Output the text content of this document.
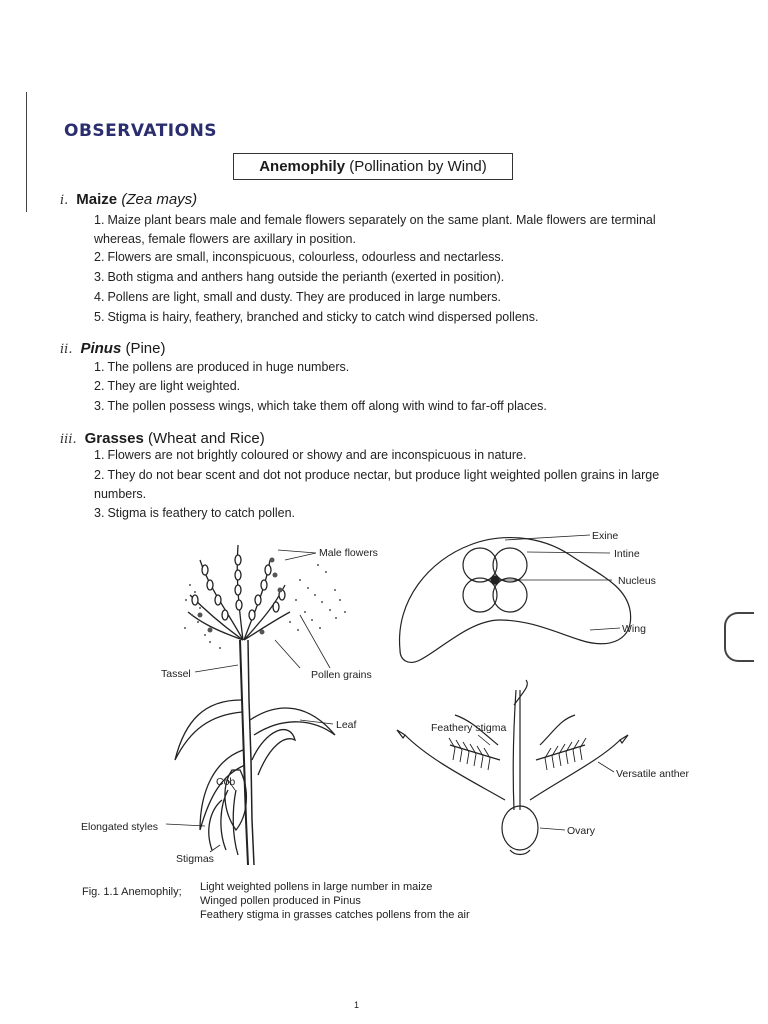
OBSERVATIONS
Anemophily (Pollination by Wind)
i. Maize (Zea mays)
1. Maize plant bears male and female flowers separately on the same plant. Male flowers are terminal whereas, female flowers are axillary in position.
2. Flowers are small, inconspicuous, colourless, odourless and nectarless.
3. Both stigma and anthers hang outside the perianth (exerted in position).
4. Pollens are light, small and dusty. They are produced in large numbers.
5. Stigma is hairy, feathery, branched and sticky to catch wind dispersed pollens.
ii. Pinus (Pine)
1. The pollens are produced in huge numbers.
2. They are light weighted.
3. The pollen possess wings, which take them off along with wind to far-off places.
iii. Grasses (Wheat and Rice)
1. Flowers are not brightly coloured or showy and are inconspicuous in nature.
2. They do not bear scent and dot not produce nectar, but produce light weighted pollen grains in large numbers.
3. Stigma is feathery to catch pollen.
Male flowers
Tassel	Pollen grains
Leaf
Cob
Elongated styles
Stigmas
Exine
Intine
Nucleus
Wing
Feathery stigma
Versatile anther
Ovary
Fig. 1.1 Anemophily; Light weighted pollens in large number in maize
Winged pollen produced in Pinus
Feathery stigma in grasses catches pollens from the air
1
